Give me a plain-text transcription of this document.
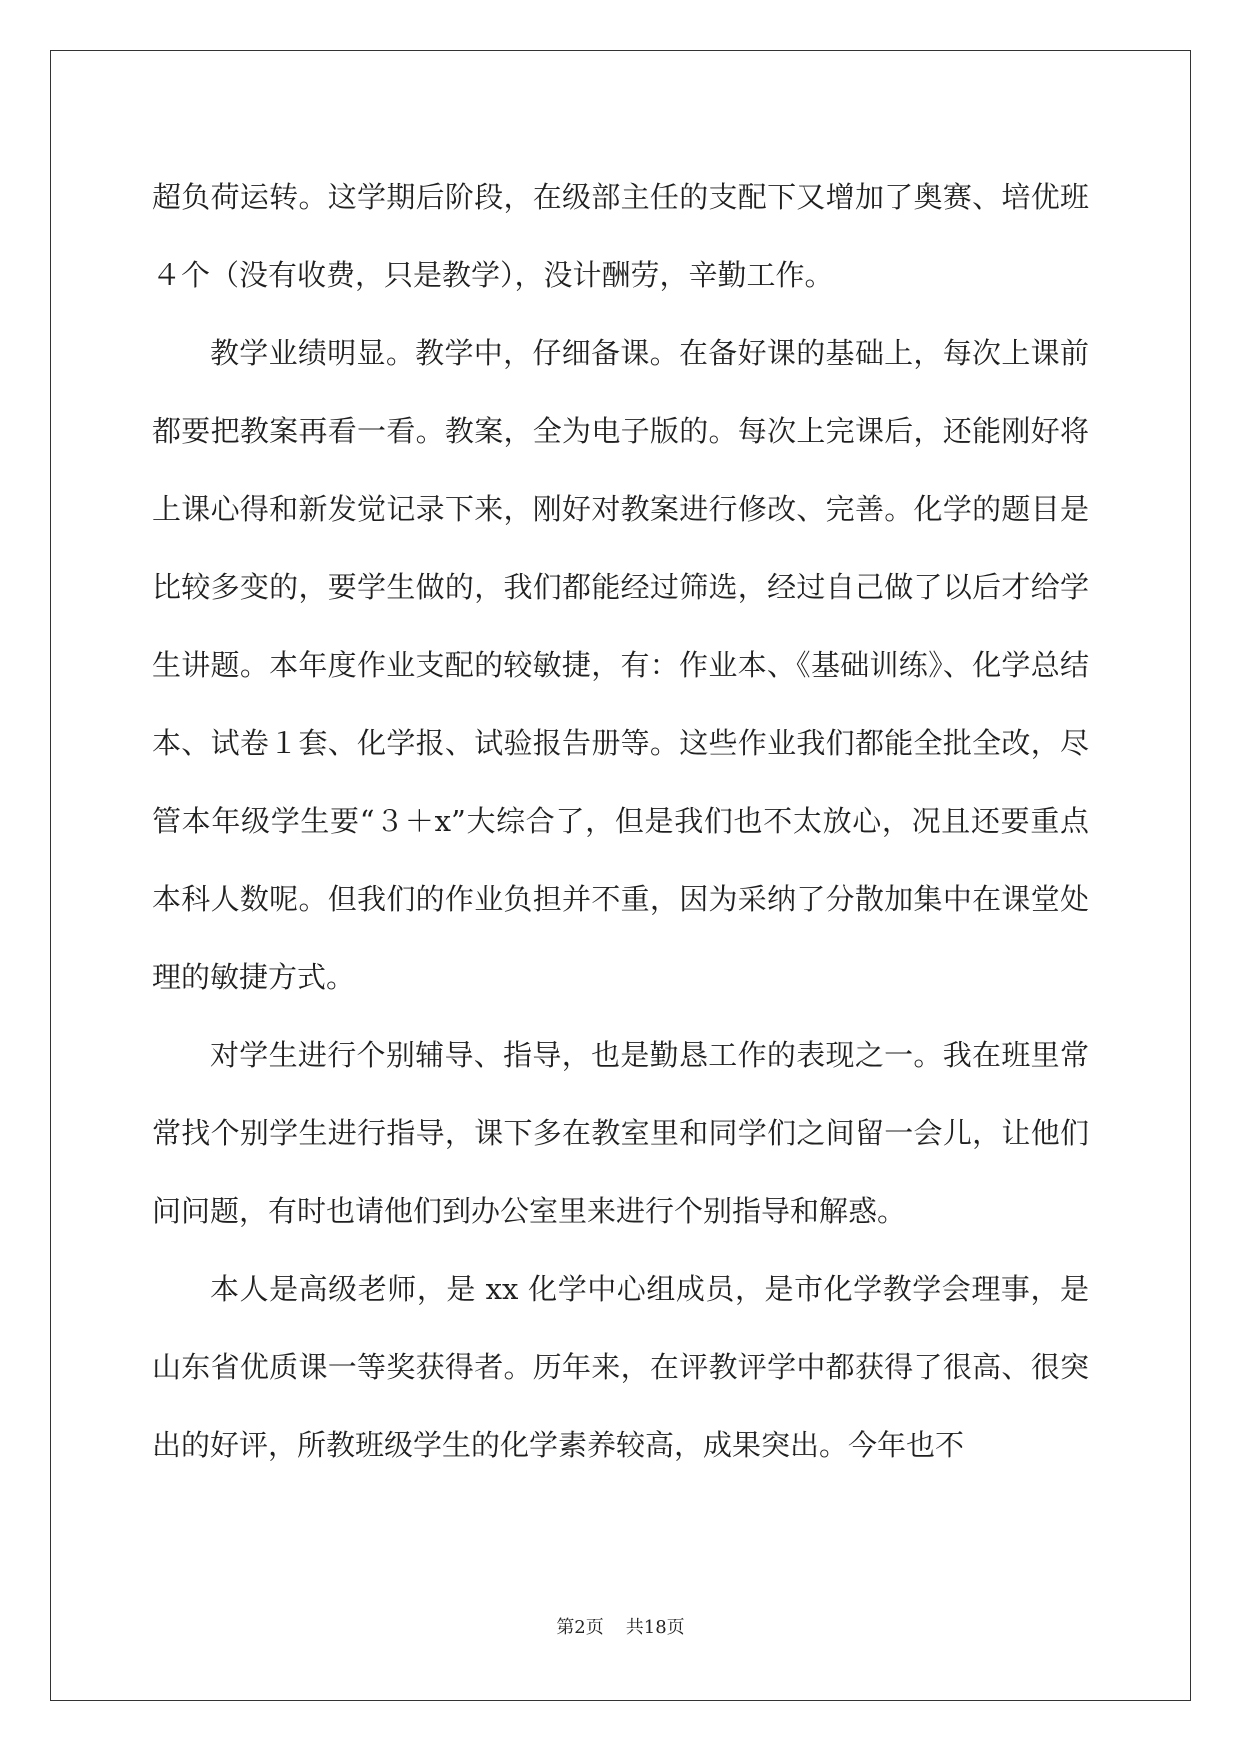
超负荷运转。这学期后阶段，在级部主任的支配下又增加了奥赛、培优班４个（没有收费，只是教学），没计酬劳，辛勤工作。

教学业绩明显。教学中，仔细备课。在备好课的基础上，每次上课前都要把教案再看一看。教案，全为电子版的。每次上完课后，还能刚好将上课心得和新发觉记录下来，刚好对教案进行修改、完善。化学的题目是比较多变的，要学生做的，我们都能经过筛选，经过自己做了以后才给学生讲题。本年度作业支配的较敏捷，有：作业本、《基础训练》、化学总结本、试卷１套、化学报、试验报告册等。这些作业我们都能全批全改，尽管本年级学生要“３＋x”大综合了，但是我们也不太放心，况且还要重点本科人数呢。但我们的作业负担并不重，因为采纳了分散加集中在课堂处理的敏捷方式。

对学生进行个别辅导、指导，也是勤恳工作的表现之一。我在班里常常找个别学生进行指导，课下多在教室里和同学们之间留一会儿，让他们问问题，有时也请他们到办公室里来进行个别指导和解惑。

本人是高级老师，是 xx 化学中心组成员，是市化学教学会理事，是山东省优质课一等奖获得者。历年来，在评教评学中都获得了很高、很突出的好评，所教班级学生的化学素养较高，成果突出。今年也不

第2页 共18页
